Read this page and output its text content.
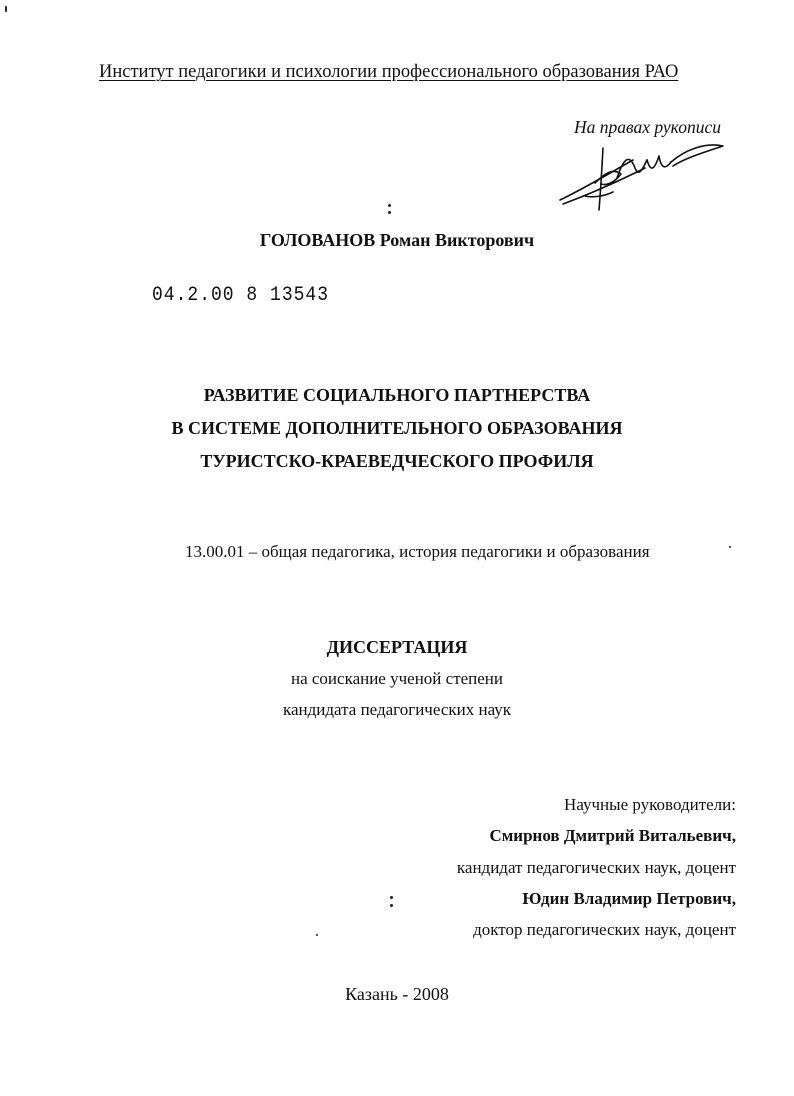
Институт педагогики и психологии профессионального образования РАО
На правах рукописи
ГОЛОВАНОВ Роман Викторович
04.2.00 8 13543
РАЗВИТИЕ СОЦИАЛЬНОГО ПАРТНЕРСТВА
В СИСТЕМЕ ДОПОЛНИТЕЛЬНОГО ОБРАЗОВАНИЯ
ТУРИСТСКО-КРАЕВЕДЧЕСКОГО ПРОФИЛЯ
13.00.01 – общая педагогика, история педагогики и образования
ДИССЕРТАЦИЯ
на соискание ученой степени
кандидата педагогических наук
Научные руководители:
Смирнов Дмитрий Витальевич,
кандидат педагогических наук, доцент
Юдин Владимир Петрович,
доктор педагогических наук, доцент
Казань - 2008
